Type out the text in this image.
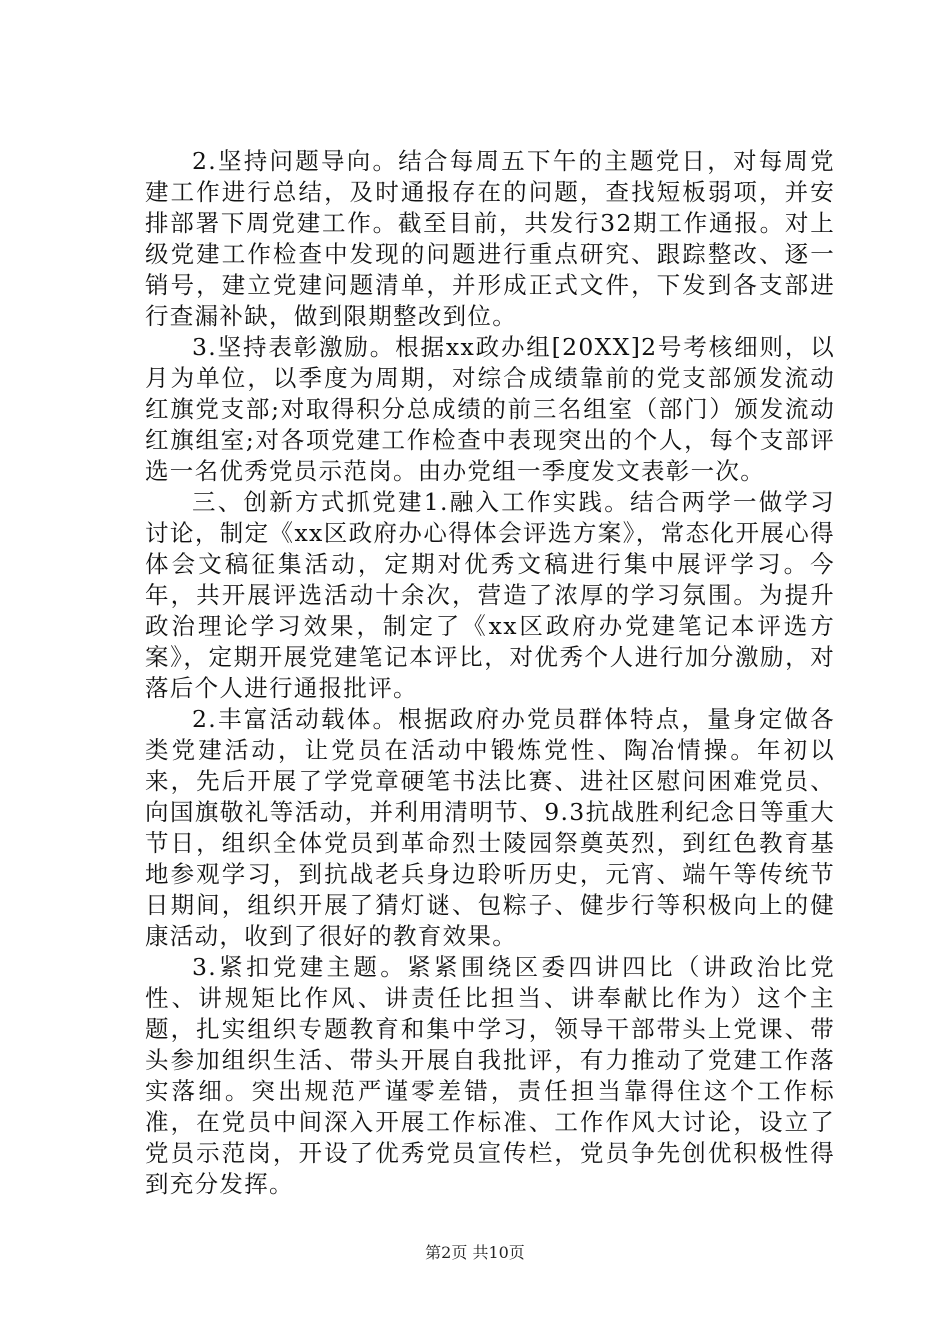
2.坚持问题导向。结合每周五下午的主题党日，对每周党建工作进行总结，及时通报存在的问题，查找短板弱项，并安排部署下周党建工作。截至目前，共发行32期工作通报。对上级党建工作检查中发现的问题进行重点研究、跟踪整改、逐一销号，建立党建问题清单，并形成正式文件，下发到各支部进行查漏补缺，做到限期整改到位。

3.坚持表彰激励。根据xx政办组[20XX]2号考核细则，以月为单位，以季度为周期，对综合成绩靠前的党支部颁发流动红旗党支部;对取得积分总成绩的前三名组室（部门）颁发流动红旗组室;对各项党建工作检查中表现突出的个人，每个支部评选一名优秀党员示范岗。由办党组一季度发文表彰一次。

三、创新方式抓党建1.融入工作实践。结合两学一做学习讨论，制定《xx区政府办心得体会评选方案》，常态化开展心得体会文稿征集活动，定期对优秀文稿进行集中展评学习。今年，共开展评选活动十余次，营造了浓厚的学习氛围。为提升政治理论学习效果，制定了《xx区政府办党建笔记本评选方案》，定期开展党建笔记本评比，对优秀个人进行加分激励，对落后个人进行通报批评。

2.丰富活动载体。根据政府办党员群体特点，量身定做各类党建活动，让党员在活动中锻炼党性、陶冶情操。年初以来，先后开展了学党章硬笔书法比赛、进社区慰问困难党员、向国旗敬礼等活动，并利用清明节、9.3抗战胜利纪念日等重大节日，组织全体党员到革命烈士陵园祭奠英烈，到红色教育基地参观学习，到抗战老兵身边聆听历史，元宵、端午等传统节日期间，组织开展了猜灯谜、包粽子、健步行等积极向上的健康活动，收到了很好的教育效果。

3.紧扣党建主题。紧紧围绕区委四讲四比（讲政治比党性、讲规矩比作风、讲责任比担当、讲奉献比作为）这个主题，扎实组织专题教育和集中学习，领导干部带头上党课、带头参加组织生活、带头开展自我批评，有力推动了党建工作落实落细。突出规范严谨零差错，责任担当靠得住这个工作标准，在党员中间深入开展工作标准、工作作风大讨论，设立了党员示范岗，开设了优秀党员宣传栏，党员争先创优积极性得到充分发挥。

第2页 共10页
